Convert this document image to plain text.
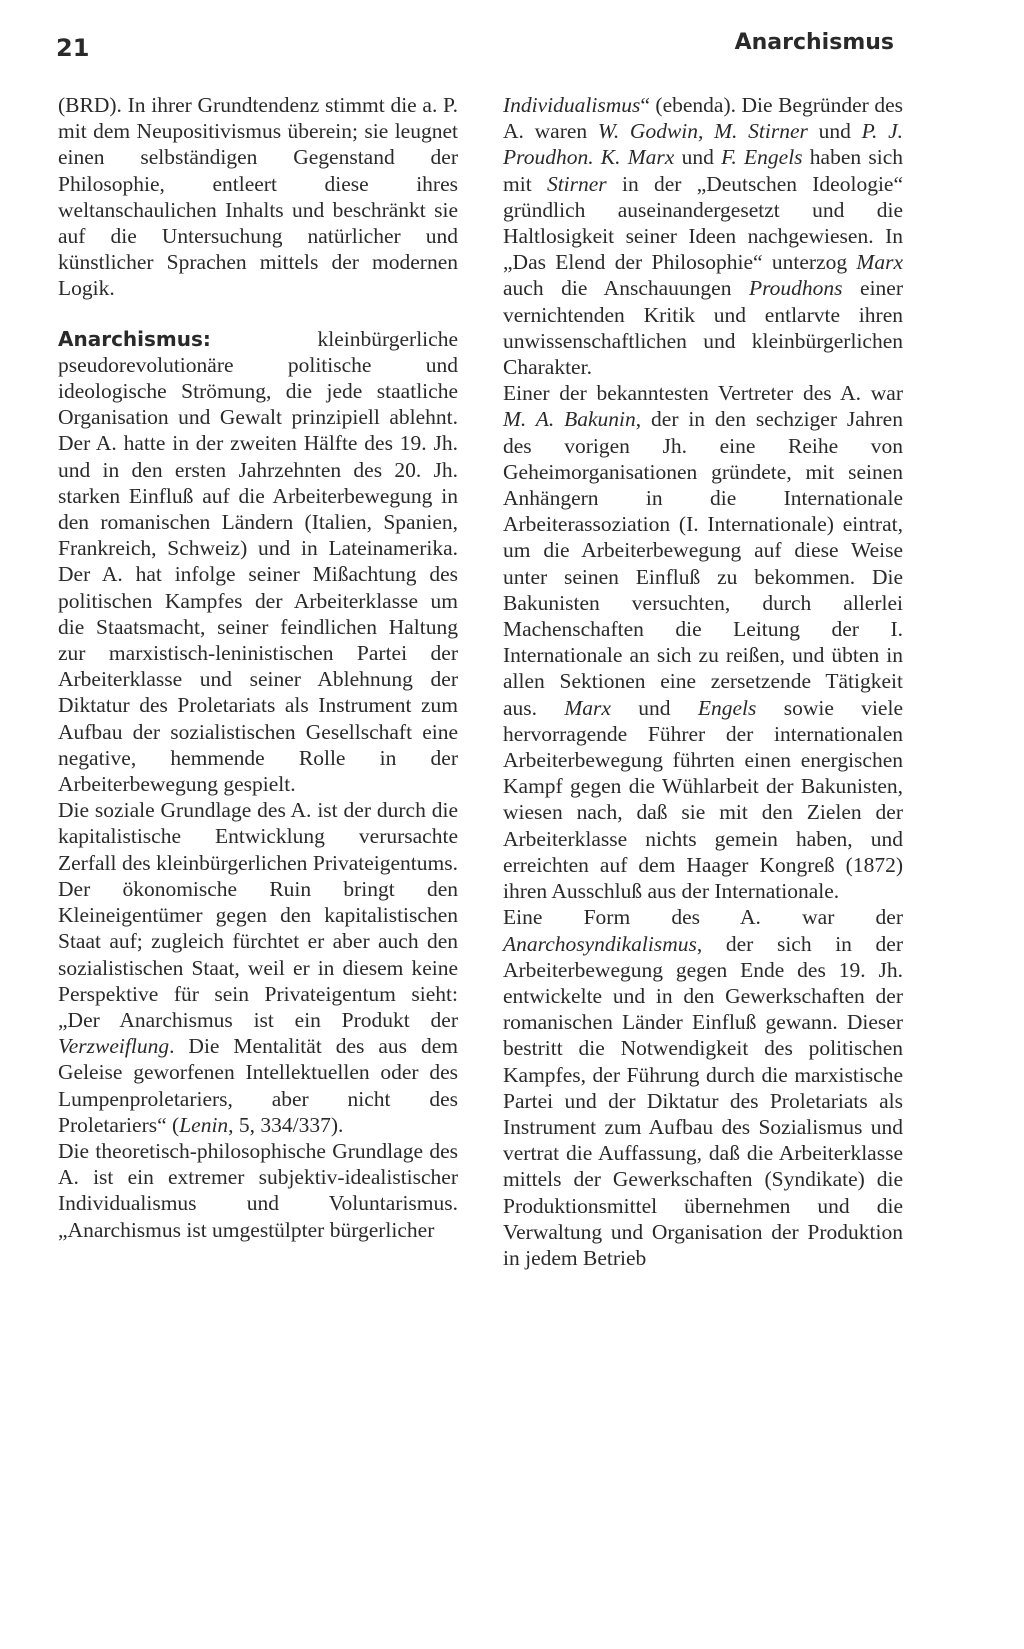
21	Anarchismus

(BRD). In ihrer Grundtendenz stimmt die a. P. mit dem Neupositivismus überein; sie leugnet einen selbständigen Gegenstand der Philosophie, entleert diese ihres weltanschaulichen Inhalts und beschränkt sie auf die Untersuchung natürlicher und künstlicher Sprachen mittels der modernen Logik.

Anarchismus:	kleinbürgerliche pseudorevolutionäre politische und ideologische Strömung, die jede staatliche Organisation und Gewalt prinzipiell ablehnt. Der A. hatte in der zweiten Hälfte des 19. Jh. und in den ersten Jahrzehnten des 20. Jh. starken Einfluß auf die Arbeiterbewegung in den romanischen Ländern (Italien, Spanien, Frankreich, Schweiz) und in Lateinamerika. Der A. hat infolge seiner Mißachtung des politischen Kampfes der Arbeiterklasse um die Staatsmacht, seiner feindlichen Haltung zur marxistisch-leninistischen Partei der Arbeiterklasse und seiner Ablehnung der Diktatur des Proletariats als Instrument zum Aufbau der sozialistischen Gesellschaft eine negative, hemmende Rolle in der Arbeiterbewegung gespielt.

Die soziale Grundlage des A. ist der durch die kapitalistische Entwicklung verursachte Zerfall des kleinbürgerlichen Privateigentums. Der ökonomische Ruin bringt den Kleineigentümer gegen den kapitalistischen Staat auf; zugleich fürchtet er aber auch den sozialistischen Staat, weil er in diesem keine Perspektive für sein Privateigentum sieht: „Der Anarchismus ist ein Produkt der Verzweiflung. Die Mentalität des aus dem Geleise geworfenen Intellektuellen oder des Lumpenproletariers, aber nicht des Proletariers“ (Lenin, 5, 334/337).

Die theoretisch-philosophische Grundlage des A. ist ein extremer subjektiv-idealistischer Individualismus und Voluntarismus. „Anarchismus ist umgestülpter bürgerlicher

Individualismus“ (ebenda). Die Begründer des A. waren W. Godwin, M. Stirner und P. J. Proudhon. K. Marx und F. Engels haben sich mit Stirner in der „Deutschen Ideologie“ gründlich auseinandergesetzt und die Haltlosigkeit seiner Ideen nachgewiesen. In „Das Elend der Philosophie“ unterzog Marx auch die Anschauungen Proudhons einer vernichtenden Kritik und entlarvte ihren unwissenschaftlichen und kleinbürgerlichen Charakter.

Einer der bekanntesten Vertreter des A. war M. A. Bakunin, der in den sechziger Jahren des vorigen Jh. eine Reihe von Geheimorganisationen gründete, mit seinen Anhängern in die Internationale Arbeiterassoziation (I. Internationale) eintrat, um die Arbeiterbewegung auf diese Weise unter seinen Einfluß zu bekommen. Die Bakunisten versuchten, durch allerlei Machenschaften die Leitung der I. Internationale an sich zu reißen, und übten in allen Sektionen eine zersetzende Tätigkeit aus. Marx und Engels sowie viele hervorragende Führer der internationalen Arbeiterbewegung führten einen energischen Kampf gegen die Wühlarbeit der Bakunisten, wiesen nach, daß sie mit den Zielen der Arbeiterklasse nichts gemein haben, und erreichten auf dem Haager Kongreß (1872) ihren Ausschluß aus der Internationale.

Eine Form des A. war der Anarchosyndikalismus, der sich in der Arbeiterbewegung gegen Ende des 19. Jh. entwickelte und in den Gewerkschaften der romanischen Länder Einfluß gewann. Dieser bestritt die Notwendigkeit des politischen Kampfes, der Führung durch die marxistische Partei und der Diktatur des Proletariats als Instrument zum Aufbau des Sozialismus und vertrat die Auffassung, daß die Arbeiterklasse mittels der Gewerkschaften (Syndikate) die Produktionsmittel übernehmen und die Verwaltung und Organisation der Produktion in jedem Betrieb
